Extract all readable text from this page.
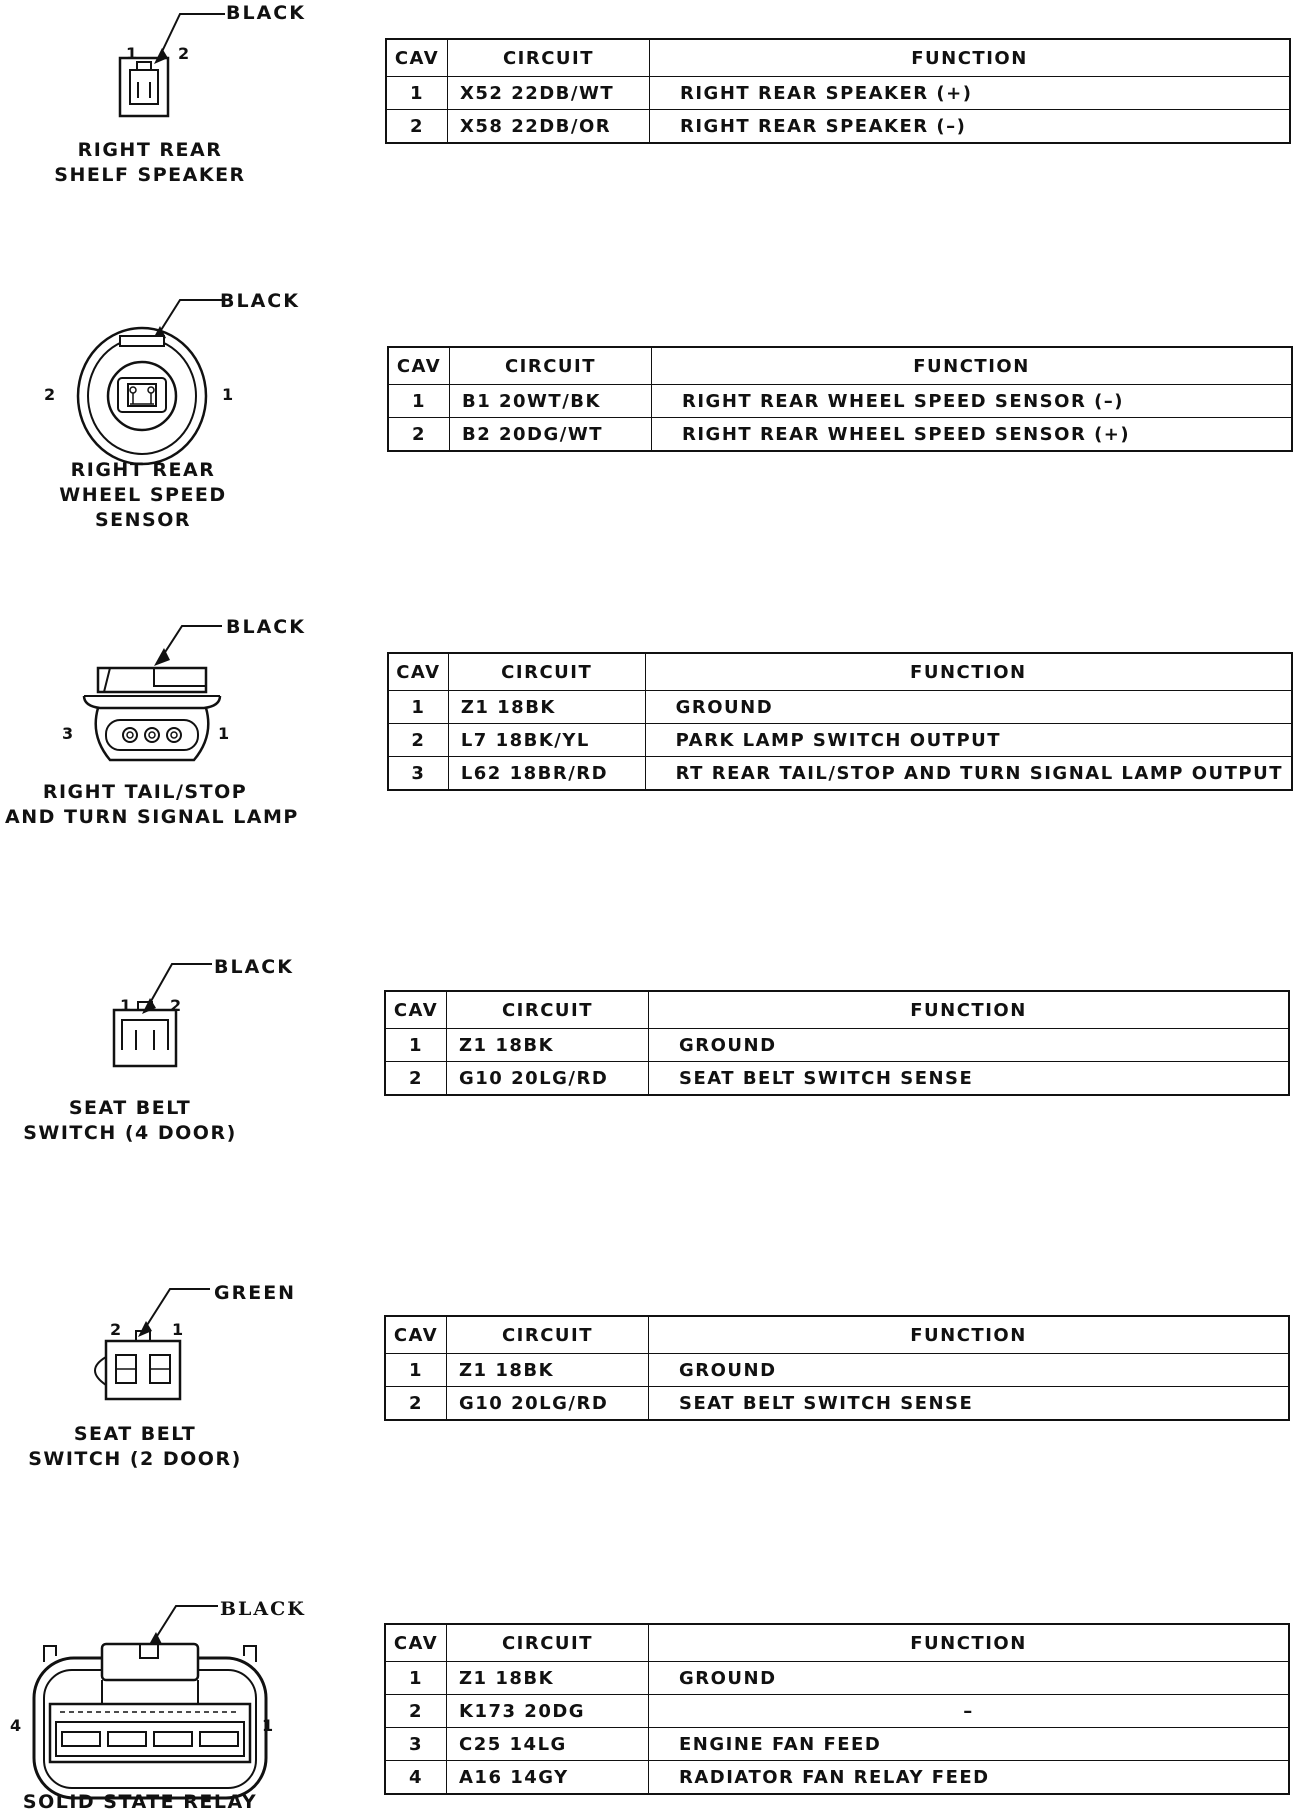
BLACK
1	2
RIGHT REAR
SHELF SPEAKER
CAV	CIRCUIT	FUNCTION
1	X52 22DB/WT	RIGHT REAR SPEAKER (+)
2	X58 22DB/OR	RIGHT REAR SPEAKER (–)
BLACK
2	1
RIGHT REAR
WHEEL SPEED
SENSOR
CAV	CIRCUIT	FUNCTION
1	B1 20WT/BK	RIGHT REAR WHEEL SPEED SENSOR (–)
2	B2 20DG/WT	RIGHT REAR WHEEL SPEED SENSOR (+)
BLACK
3	1
RIGHT TAIL/STOP
AND TURN SIGNAL LAMP
CAV	CIRCUIT	FUNCTION
1	Z1 18BK	GROUND
2	L7 18BK/YL	PARK LAMP SWITCH OUTPUT
3	L62 18BR/RD	RT REAR TAIL/STOP AND TURN SIGNAL LAMP OUTPUT
BLACK
1 2
SEAT BELT
SWITCH (4 DOOR)
CAV	CIRCUIT	FUNCTION
1	Z1 18BK	GROUND
2	G10 20LG/RD	SEAT BELT SWITCH SENSE
GREEN
2	1
SEAT BELT
SWITCH (2 DOOR)
CAV	CIRCUIT	FUNCTION
1	Z1 18BK	GROUND
2	G10 20LG/RD	SEAT BELT SWITCH SENSE
BLACK
4	1
SOLID STATE RELAY
CAV	CIRCUIT	FUNCTION
1	Z1 18BK	GROUND
2	K173 20DG	–
3	C25 14LG	ENGINE FAN FEED
4	A16 14GY	RADIATOR FAN RELAY FEED
